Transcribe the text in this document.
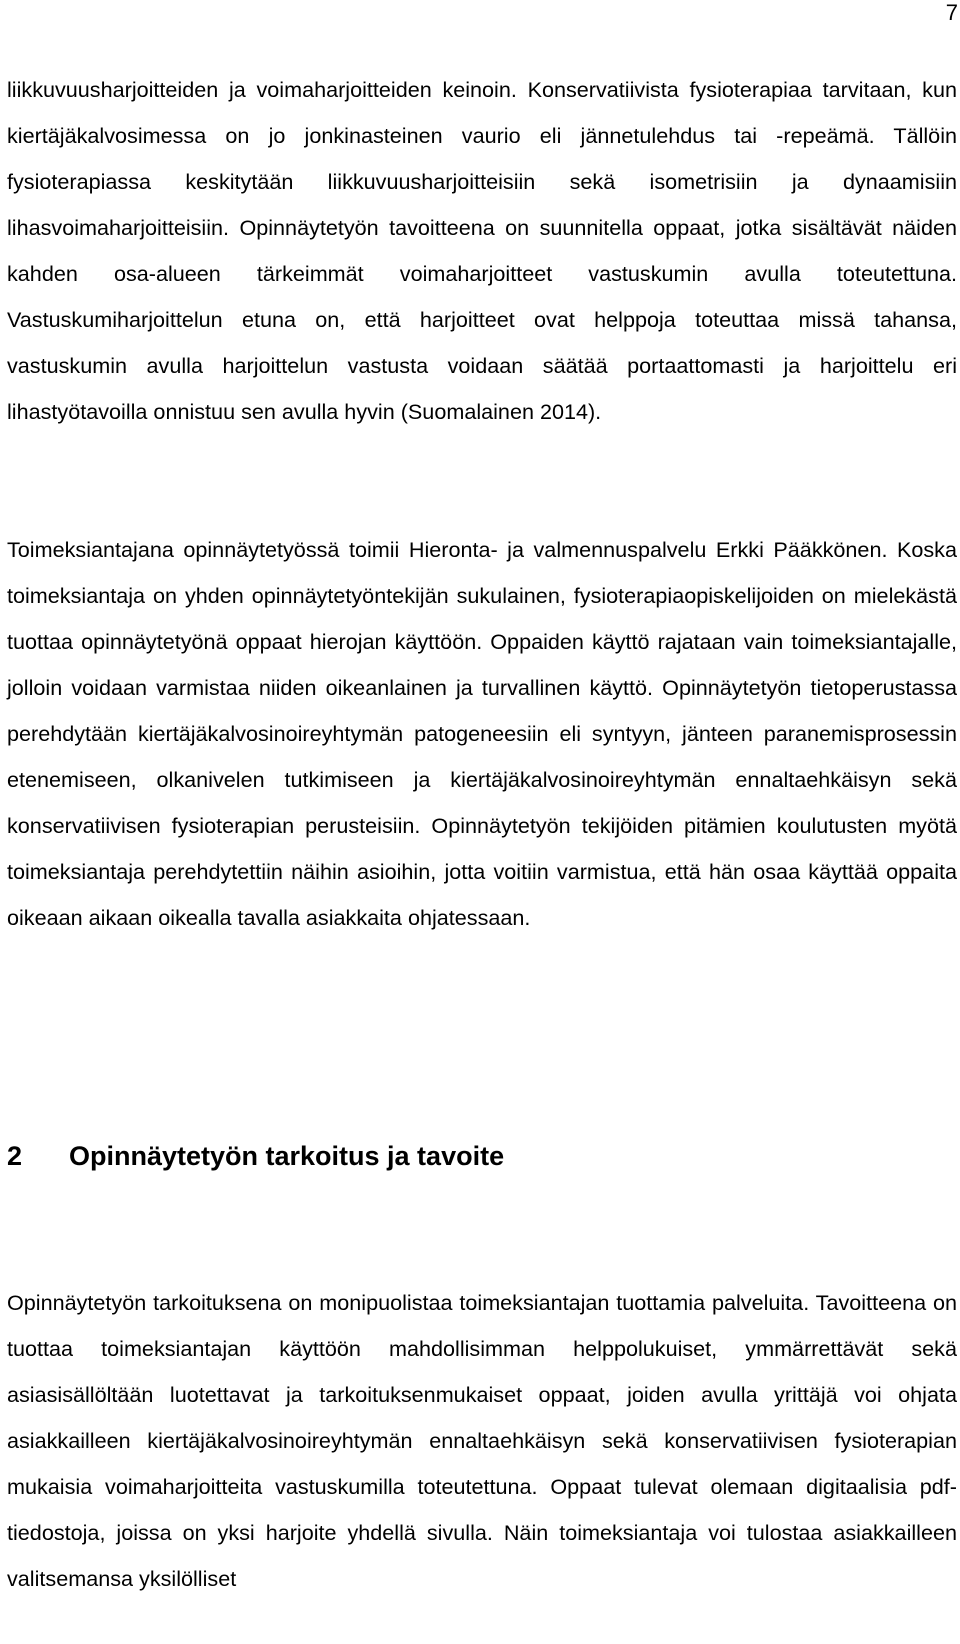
7

liikkuvuusharjoitteiden ja voimaharjoitteiden keinoin. Konservatiivista fysioterapiaa tarvitaan, kun kiertäjäkalvosimessa on jo jonkinasteinen vaurio eli jännetulehdus tai -repeämä. Tällöin fysioterapiassa keskitytään liikkuvuusharjoitteisiin sekä isometrisiin ja dynaamisiin lihasvoimaharjoitteisiin. Opinnäytetyön tavoitteena on suunnitella oppaat, jotka sisältävät näiden kahden osa-alueen tärkeimmät voimaharjoitteet vastuskumin avulla toteutettuna. Vastuskumiharjoittelun etuna on, että harjoitteet ovat helppoja toteuttaa missä tahansa, vastuskumin avulla harjoittelun vastusta voidaan säätää portaattomasti ja harjoittelu eri lihastyötavoilla onnistuu sen avulla hyvin (Suomalainen 2014).

Toimeksiantajana opinnäytetyössä toimii Hieronta- ja valmennuspalvelu Erkki Pääkkönen. Koska toimeksiantaja on yhden opinnäytetyöntekijän sukulainen, fysioterapiaopiskelijoiden on mielekästä tuottaa opinnäytetyönä oppaat hierojan käyttöön. Oppaiden käyttö rajataan vain toimeksiantajalle, jolloin voidaan varmistaa niiden oikeanlainen ja turvallinen käyttö. Opinnäytetyön tietoperustassa perehdytään kiertäjäkalvosinoireyhtymän patogeneesiin eli syntyyn, jänteen paranemisprosessin etenemiseen, olkanivelen tutkimiseen ja kiertäjäkalvosinoireyhtymän ennaltaehkäisyn sekä konservatiivisen fysioterapian perusteisiin. Opinnäytetyön tekijöiden pitämien koulutusten myötä toimeksiantaja perehdytettiin näihin asioihin, jotta voitiin varmistua, että hän osaa käyttää oppaita oikeaan aikaan oikealla tavalla asiakkaita ohjatessaan.

2 Opinnäytetyön tarkoitus ja tavoite

Opinnäytetyön tarkoituksena on monipuolistaa toimeksiantajan tuottamia palveluita. Tavoitteena on tuottaa toimeksiantajan käyttöön mahdollisimman helppolukuiset, ymmärrettävät sekä asiasisällöltään luotettavat ja tarkoituksenmukaiset oppaat, joiden avulla yrittäjä voi ohjata asiakkailleen kiertäjäkalvosinoireyhtymän ennaltaehkäisyn sekä konservatiivisen fysioterapian mukaisia voimaharjoitteita vastuskumilla toteutettuna. Oppaat tulevat olemaan digitaalisia pdf-tiedostoja, joissa on yksi harjoite yhdellä sivulla. Näin toimeksiantaja voi tulostaa asiakkailleen valitsemansa yksilölliset
